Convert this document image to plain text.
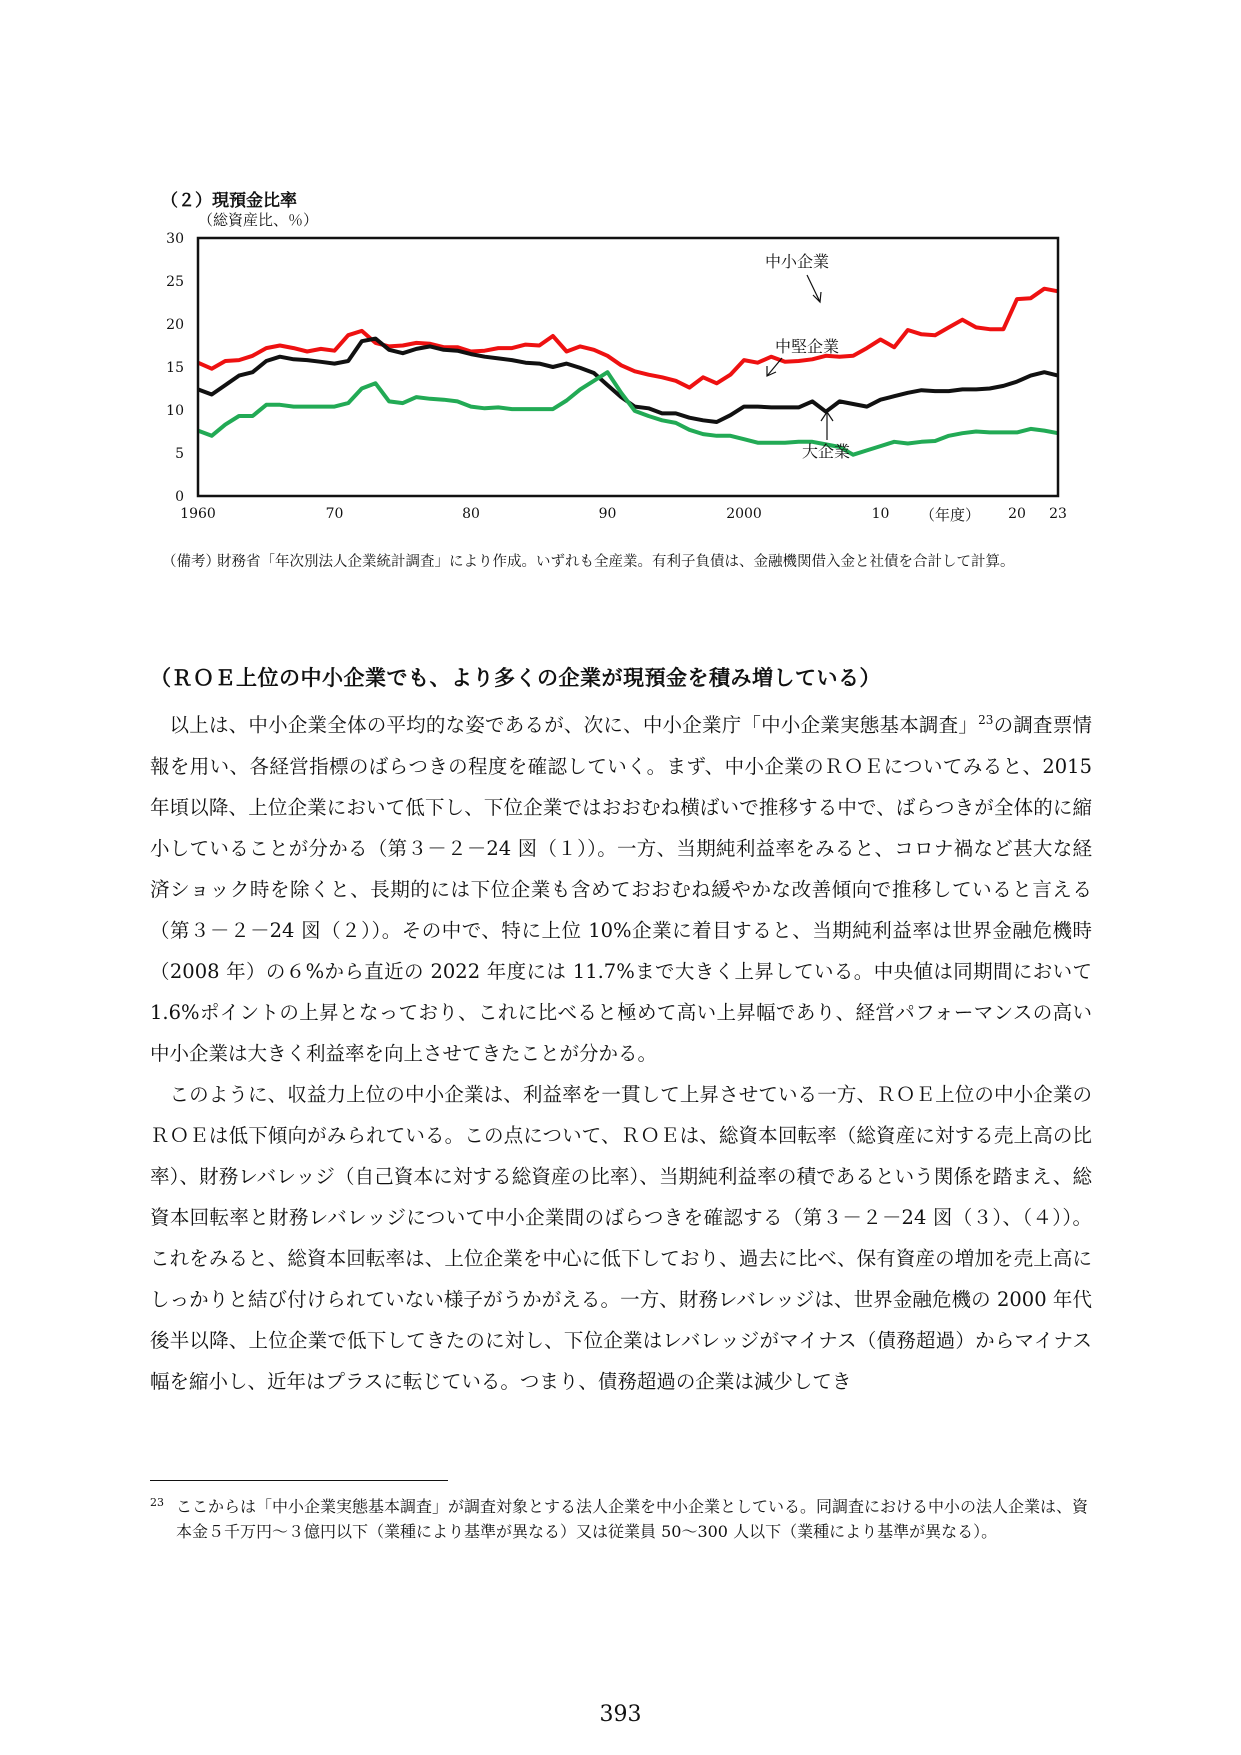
（２）現預金比率
（総資産比、％）
30
25
20
15
10
5
0
1960	70	80	90	2000	10	20 23
（年度）
中小企業
中堅企業
大企業
（備考）
財務省「年次別法人企業統計調査」により作成。いずれも全産業。有利子負債は、金融機関借入金と社債を合計して計算。
（ＲＯＥ上位の中小企業でも、より多くの企業が現預金を積み増している）

以上は、中小企業全体の平均的な姿であるが、次に、中小企業庁「中小企業実態基本調査」$^{23}$の調査票情報を用い、各経営指標のばらつきの程度を確認していく。まず、中小企業のＲＯＥについてみると、2015 年頃以降、上位企業において低下し、下位企業ではおおむね横ばいで推移する中で、ばらつきが全体的に縮小していることが分かる（第３－２－24 図（１））。一方、当期純利益率をみると、コロナ禍など甚大な経済ショック時を除くと、長期的には下位企業も含めておおむね緩やかな改善傾向で推移していると言える（第３－２－24 図（２））。その中で、特に上位 10%企業に着目すると、当期純利益率は世界金融危機時（2008 年）の６%から直近の 2022 年度には 11.7%まで大きく上昇している。中央値は同期間において 1.6%ポイントの上昇となっており、これに比べると極めて高い上昇幅であり、経営パフォーマンスの高い中小企業は大きく利益率を向上させてきたことが分かる。

このように、収益力上位の中小企業は、利益率を一貫して上昇させている一方、ＲＯＥ上位の中小企業のＲＯＥは低下傾向がみられている。この点について、ＲＯＥは、総資本回転率（総資産に対する売上高の比率）、財務レバレッジ（自己資本に対する総資産の比率）、当期純利益率の積であるという関係を踏まえ、総資本回転率と財務レバレッジについて中小企業間のばらつきを確認する（第３－２－24 図（３）、（４））。これをみると、総資本回転率は、上位企業を中心に低下しており、過去に比べ、保有資産の増加を売上高にしっかりと結び付けられていない様子がうかがえる。一方、財務レバレッジは、世界金融危機の 2000 年代後半以降、上位企業で低下してきたのに対し、下位企業はレバレッジがマイナス（債務超過）からマイナス幅を縮小し、近年はプラスに転じている。つまり、債務超過の企業は減少してき

23 ここからは「中小企業実態基本調査」が調査対象とする法人企業を中小企業としている。同調査における中小の法人企業は、資本金５千万円～３億円以下（業種により基準が異なる）又は従業員 50～300 人以下（業種により基準が異なる）。
393
